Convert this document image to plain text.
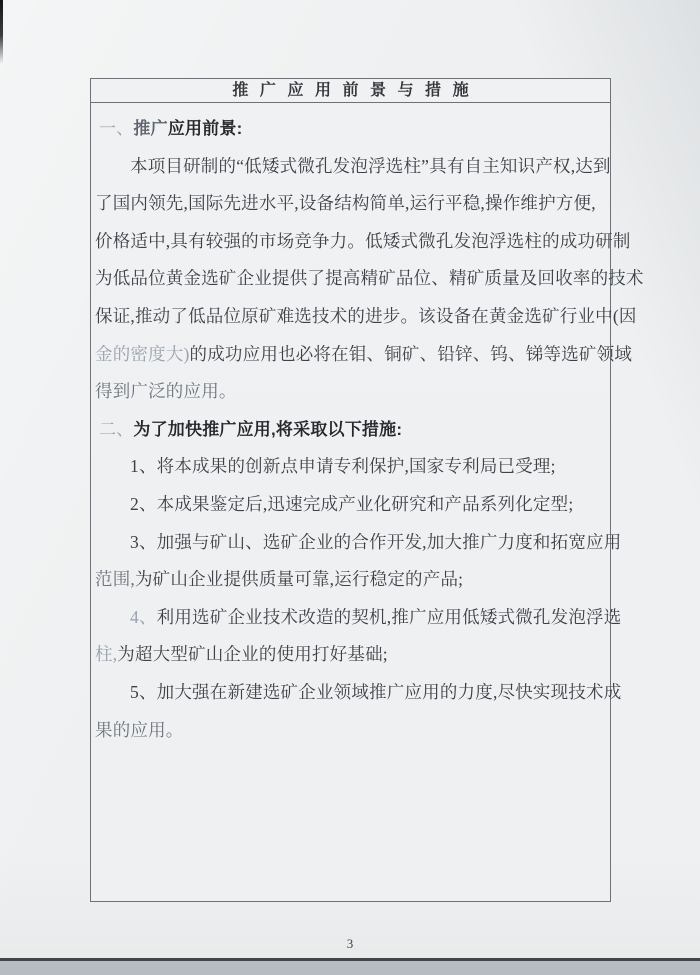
推广应用前景与措施
一、推广应用前景:
本项目研制的“低矮式微孔发泡浮选柱”具有自主知识产权,达到
了国内领先,国际先进水平,设备结构简单,运行平稳,操作维护方便,
价格适中,具有较强的市场竞争力。低矮式微孔发泡浮选柱的成功研制
为低品位黄金选矿企业提供了提高精矿品位、精矿质量及回收率的技术
保证,推动了低品位原矿难选技术的进步。该设备在黄金选矿行业中(因
金的密度大)的成功应用也必将在钼、铜矿、铅锌、钨、锑等选矿领域
得到广泛的应用。
二、为了加快推广应用,将采取以下措施:
1、将本成果的创新点申请专利保护,国家专利局已受理;
2、本成果鉴定后,迅速完成产业化研究和产品系列化定型;
3、加强与矿山、选矿企业的合作开发,加大推广力度和拓宽应用
范围,为矿山企业提供质量可靠,运行稳定的产品;
4、利用选矿企业技术改造的契机,推广应用低矮式微孔发泡浮选
柱,为超大型矿山企业的使用打好基础;
5、加大强在新建选矿企业领域推广应用的力度,尽快实现技术成
果的应用。
3
